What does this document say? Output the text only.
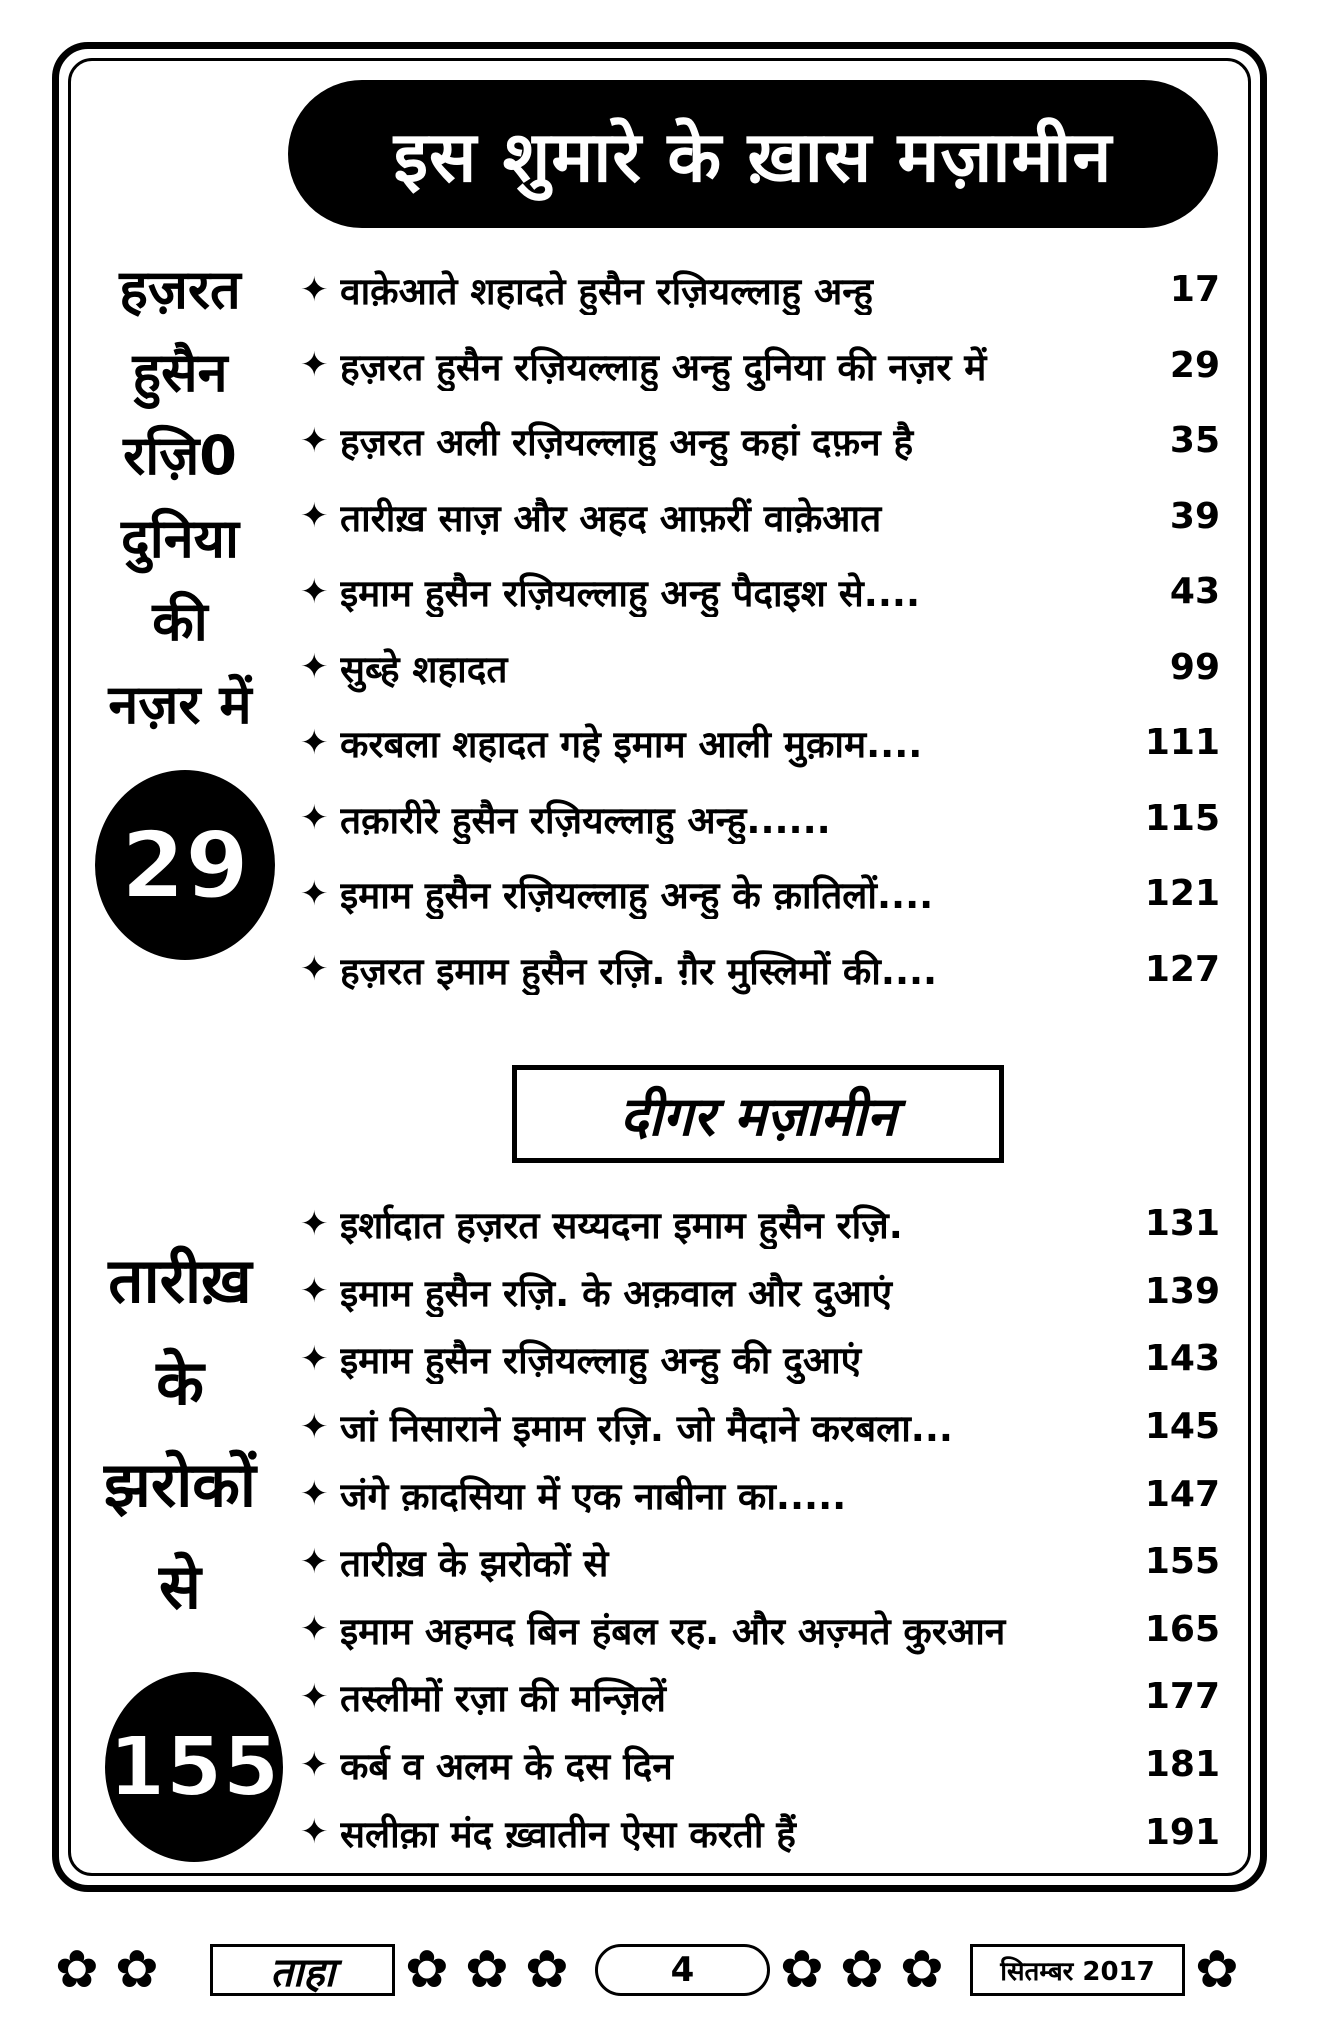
इस शुमारे के ख़ास मज़ामीन
हज़रत
हुसैन
रज़ि0
दुनिया
की
नज़र में
29
✦ वाक़ेआते शहादते हुसैन रज़ियल्लाहु अन्हु	17
✦ हज़रत हुसैन रज़ियल्लाहु अन्हु दुनिया की नज़र में	29
✦ हज़रत अली रज़ियल्लाहु अन्हु कहां दफ़न है	35
✦ तारीख़ साज़ और अहद आफ़रीं वाक़ेआत	39
✦ इमाम हुसैन रज़ियल्लाहु अन्हु पैदाइश से....	43
✦ सुब्हे शहादत	99
✦ करबला शहादत गहे इमाम आली मुक़ाम....	111
✦ तक़ारीरे हुसैन रज़ियल्लाहु अन्हु......	115
✦ इमाम हुसैन रज़ियल्लाहु अन्हु के क़ातिलों....	121
✦ हज़रत इमाम हुसैन रज़ि. ग़ैर मुस्लिमों की....	127
दीगर मज़ामीन
तारीख़
के
झरोकों
से
155
✦ इर्शादात हज़रत सय्यदना इमाम हुसैन रज़ि.	131
✦ इमाम हुसैन रज़ि. के अक़वाल और दुआएं	139
✦ इमाम हुसैन रज़ियल्लाहु अन्हु की दुआएं	143
✦ जां निसाराने इमाम रज़ि. जो मैदाने करबला...	145
✦ जंगे क़ादसिया में एक नाबीना का.....	147
✦ तारीख़ के झरोकों से	155
✦ इमाम अहमद बिन हंबल रह. और अज़्मते कुरआन	165
✦ तस्लीमों रज़ा की मन्ज़िलें	177
✦ कर्ब व अलम के दस दिन	181
✦ सलीक़ा मंद ख़्वातीन ऐसा करती हैं	191
✿ ✿	ताहा ✿ ✿ ✿	4 ✿ ✿ ✿ सितम्बर 2017 ✿
